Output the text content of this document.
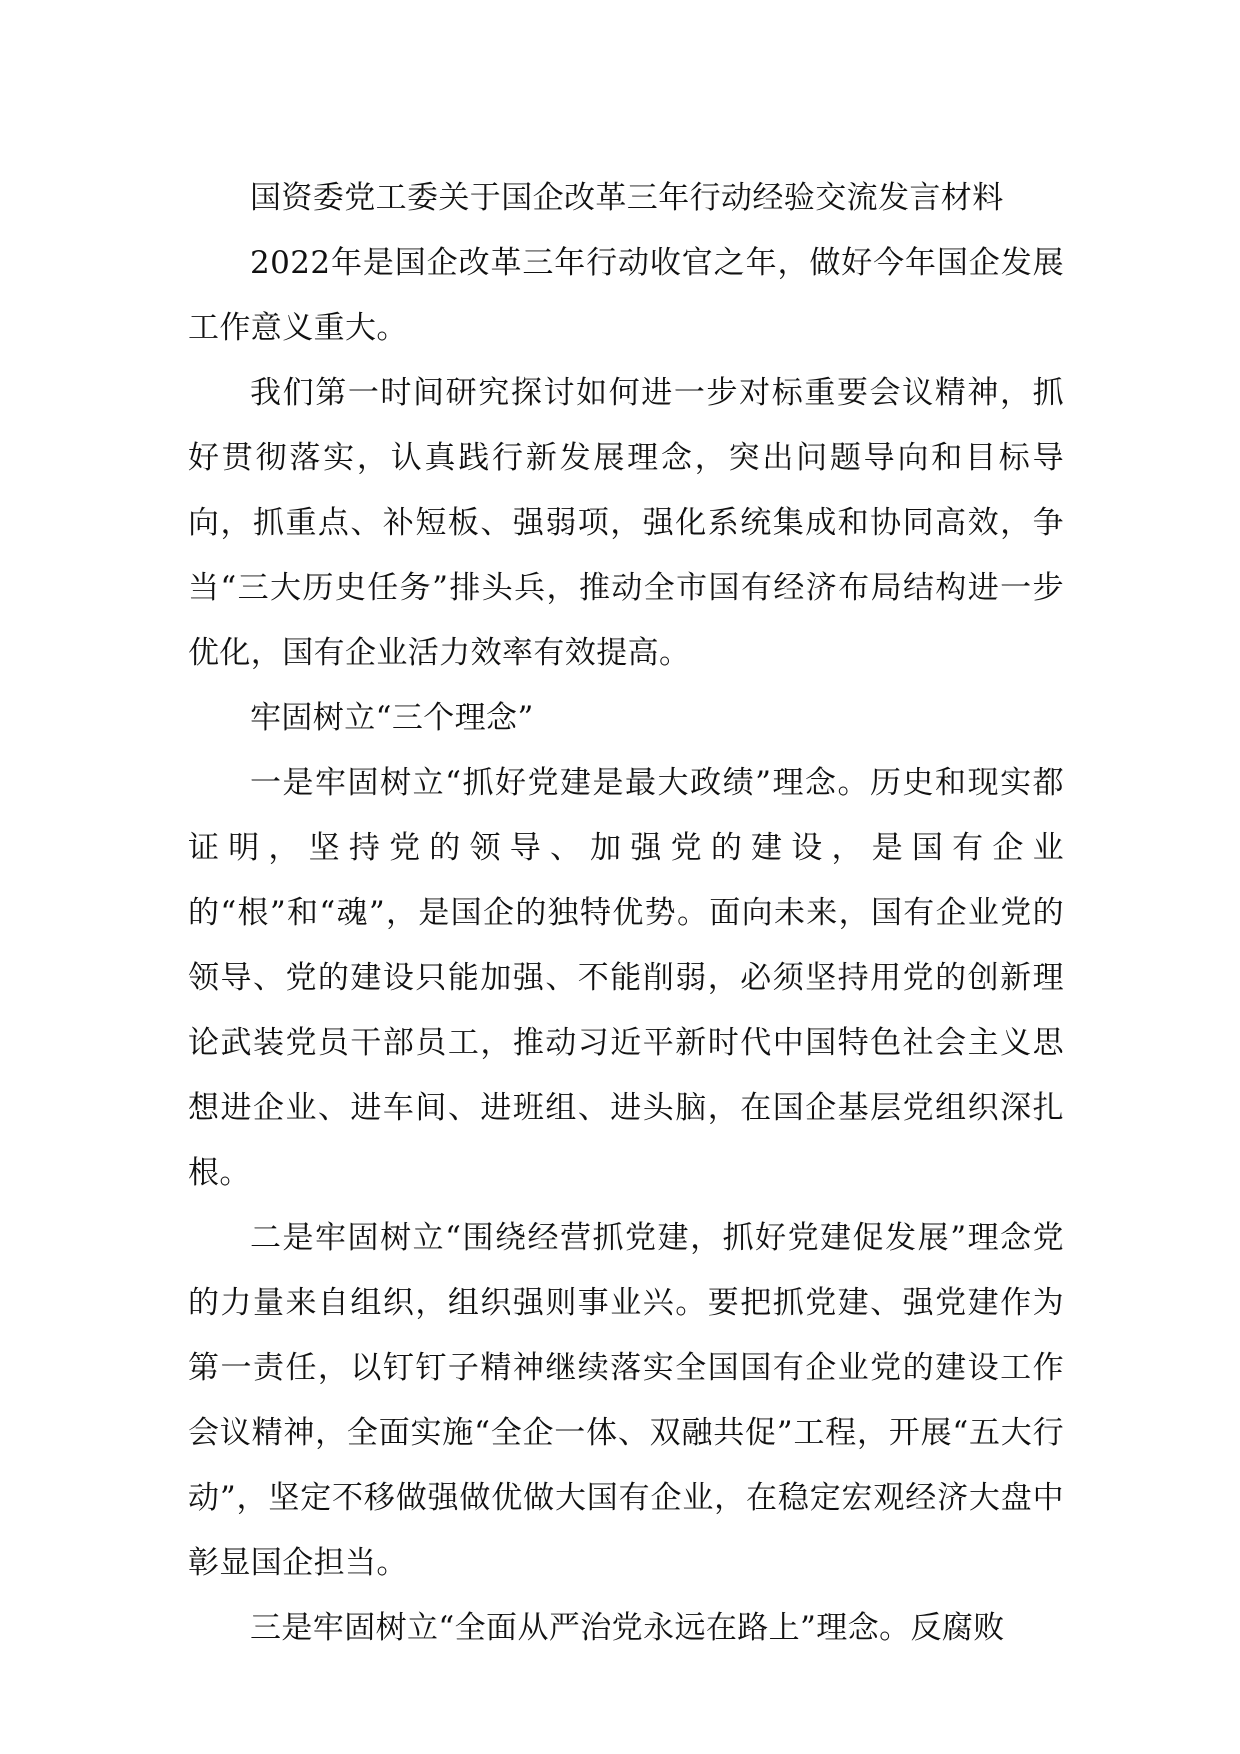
国资委党工委关于国企改革三年行动经验交流发言材料

2022年是国企改革三年行动收官之年，做好今年国企发展工作意义重大。

我们第一时间研究探讨如何进一步对标重要会议精神，抓好贯彻落实，认真践行新发展理念，突出问题导向和目标导向，抓重点、补短板、强弱项，强化系统集成和协同高效，争当“三大历史任务”排头兵，推动全市国有经济布局结构进一步优化，国有企业活力效率有效提高。

牢固树立“三个理念”

一是牢固树立“抓好党建是最大政绩”理念。历史和现实都证明，坚持党的领导、加强党的建设，是国有企业的“根”和“魂”，是国企的独特优势。面向未来，国有企业党的领导、党的建设只能加强、不能削弱，必须坚持用党的创新理论武装党员干部员工，推动习近平新时代中国特色社会主义思想进企业、进车间、进班组、进头脑，在国企基层党组织深扎根。

二是牢固树立“围绕经营抓党建，抓好党建促发展”理念党的力量来自组织，组织强则事业兴。要把抓党建、强党建作为第一责任，以钉钉子精神继续落实全国国有企业党的建设工作会议精神，全面实施“全企一体、双融共促”工程，开展“五大行动”，坚定不移做强做优做大国有企业，在稳定宏观经济大盘中彰显国企担当。

三是牢固树立“全面从严治党永远在路上”理念。反腐败
